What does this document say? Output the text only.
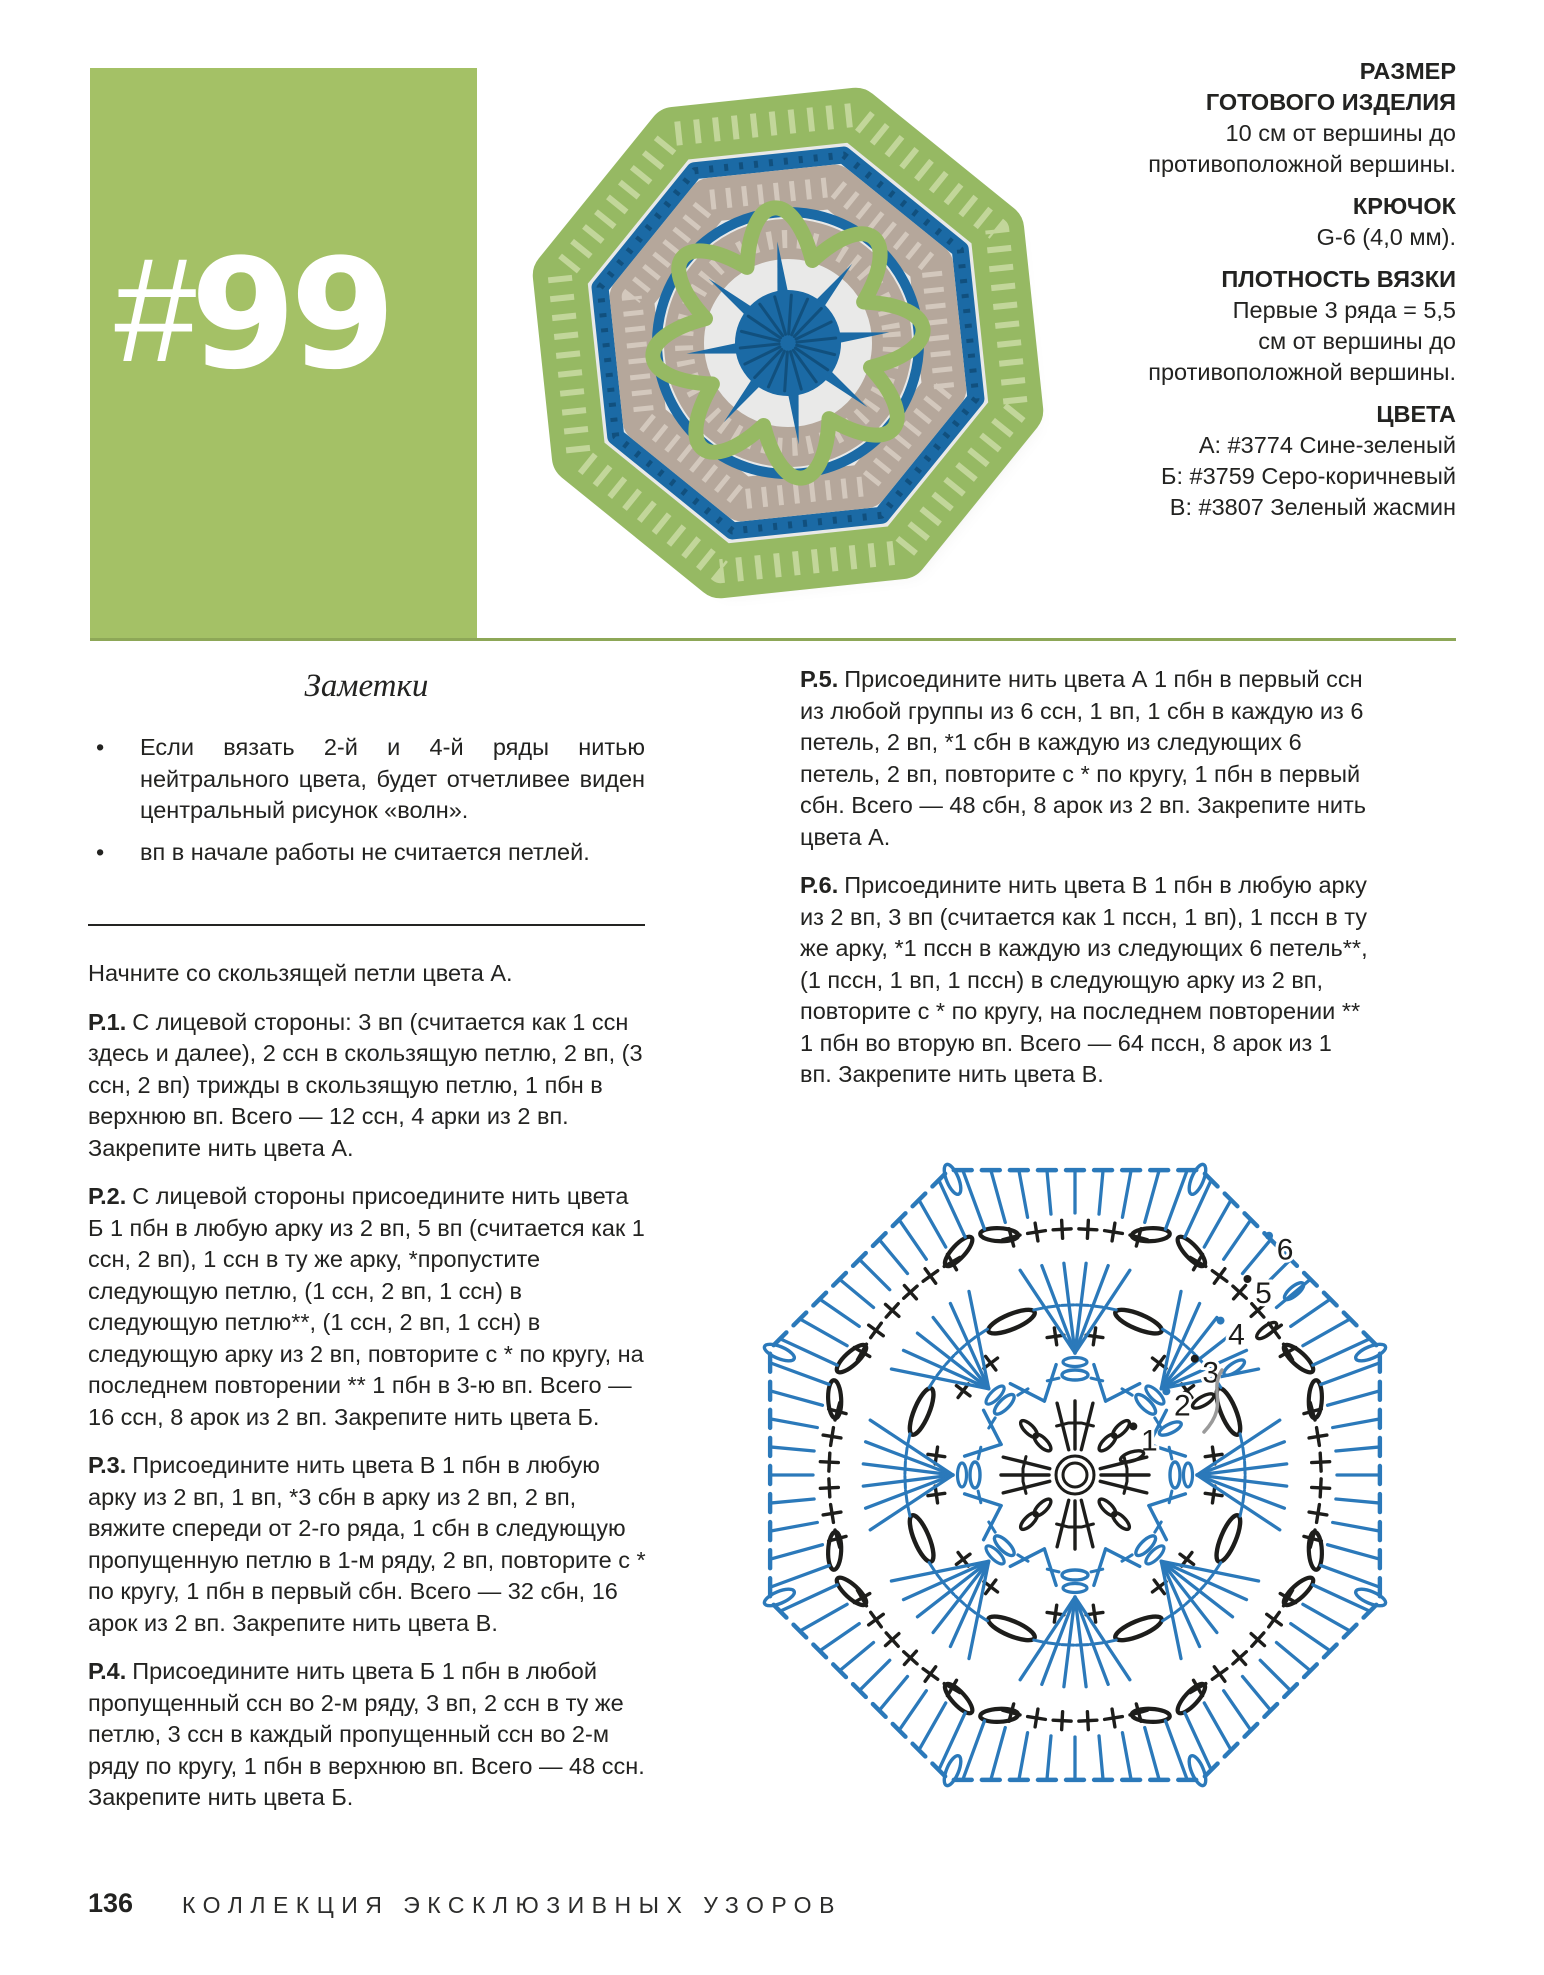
#99
РАЗМЕР
ГОТОВОГО ИЗДЕЛИЯ
10 см от вершины до
противоположной вершины.
КРЮЧОК
G-6 (4,0 мм).
ПЛОТНОСТЬ ВЯЗКИ
Первые 3 ряда = 5,5
см от вершины до
противоположной вершины.
ЦВЕТА
А: #3774 Сине-зеленый
Б: #3759 Серо-коричневый
В: #3807 Зеленый жасмин
Заметки
•	Если вязать 2-й и 4-й ряды нитью нейтрального цвета, будет отчетливее виден центральный рисунок «волн».
•	вп в начале работы не считается петлей.

Начните со скользящей петли цвета А.

Р.1. С лицевой стороны: 3 вп (считается как 1 ссн здесь и далее), 2 ссн в скользящую петлю, 2 вп, (3 ссн, 2 вп) трижды в скользящую петлю, 1 пбн в верхнюю вп. Всего — 12 ссн, 4 арки из 2 вп. Закрепите нить цвета А.

Р.2. С лицевой стороны присоедините нить цвета Б 1 пбн в любую арку из 2 вп, 5 вп (считается как 1 ссн, 2 вп), 1 ссн в ту же арку, *пропустите следующую петлю, (1 ссн, 2 вп, 1 ссн) в следующую петлю**, (1 ссн, 2 вп, 1 ссн) в следующую арку из 2 вп, повторите с * по кругу, на последнем повторении ** 1 пбн в 3-ю вп. Всего — 16 ссн, 8 арок из 2 вп. Закрепите нить цвета Б.

Р.3. Присоедините нить цвета В 1 пбн в любую арку из 2 вп, 1 вп, *3 сбн в арку из 2 вп, 2 вп, вяжите спереди от 2-го ряда, 1 сбн в следующую пропущенную петлю в 1-м ряду, 2 вп, повторите с * по кругу, 1 пбн в первый сбн. Всего — 32 сбн, 16 арок из 2 вп. Закрепите нить цвета В.

Р.4. Присоедините нить цвета Б 1 пбн в любой пропущенный ссн во 2-м ряду, 3 вп, 2 ссн в ту же петлю, 3 ссн в каждый пропущенный ссн во 2-м ряду по кругу, 1 пбн в верхнюю вп. Всего — 48 ссн. Закрепите нить цвета Б.

Р.5. Присоедините нить цвета А 1 пбн в первый ссн из любой группы из 6 ссн, 1 вп, 1 сбн в каждую из 6 петель, 2 вп, *1 сбн в каждую из следующих 6 петель, 2 вп, повторите с * по кругу, 1 пбн в первый сбн. Всего — 48 сбн, 8 арок из 2 вп. Закрепите нить цвета А.

Р.6. Присоедините нить цвета В 1 пбн в любую арку из 2 вп, 3 вп (считается как 1 пссн, 1 вп), 1 пссн в ту же арку, *1 пссн в каждую из следующих 6 петель**, (1 пссн, 1 вп, 1 пссн) в следующую арку из 2 вп, повторите с * по кругу, на последнем повторении ** 1 пбн во вторую вп. Всего — 64 пссн, 8 арок из 1 вп. Закрепите нить цвета В.

1
2
3
4
5
6
136 КОЛЛЕКЦИЯ ЭКСКЛЮЗИВНЫХ УЗОРОВ
